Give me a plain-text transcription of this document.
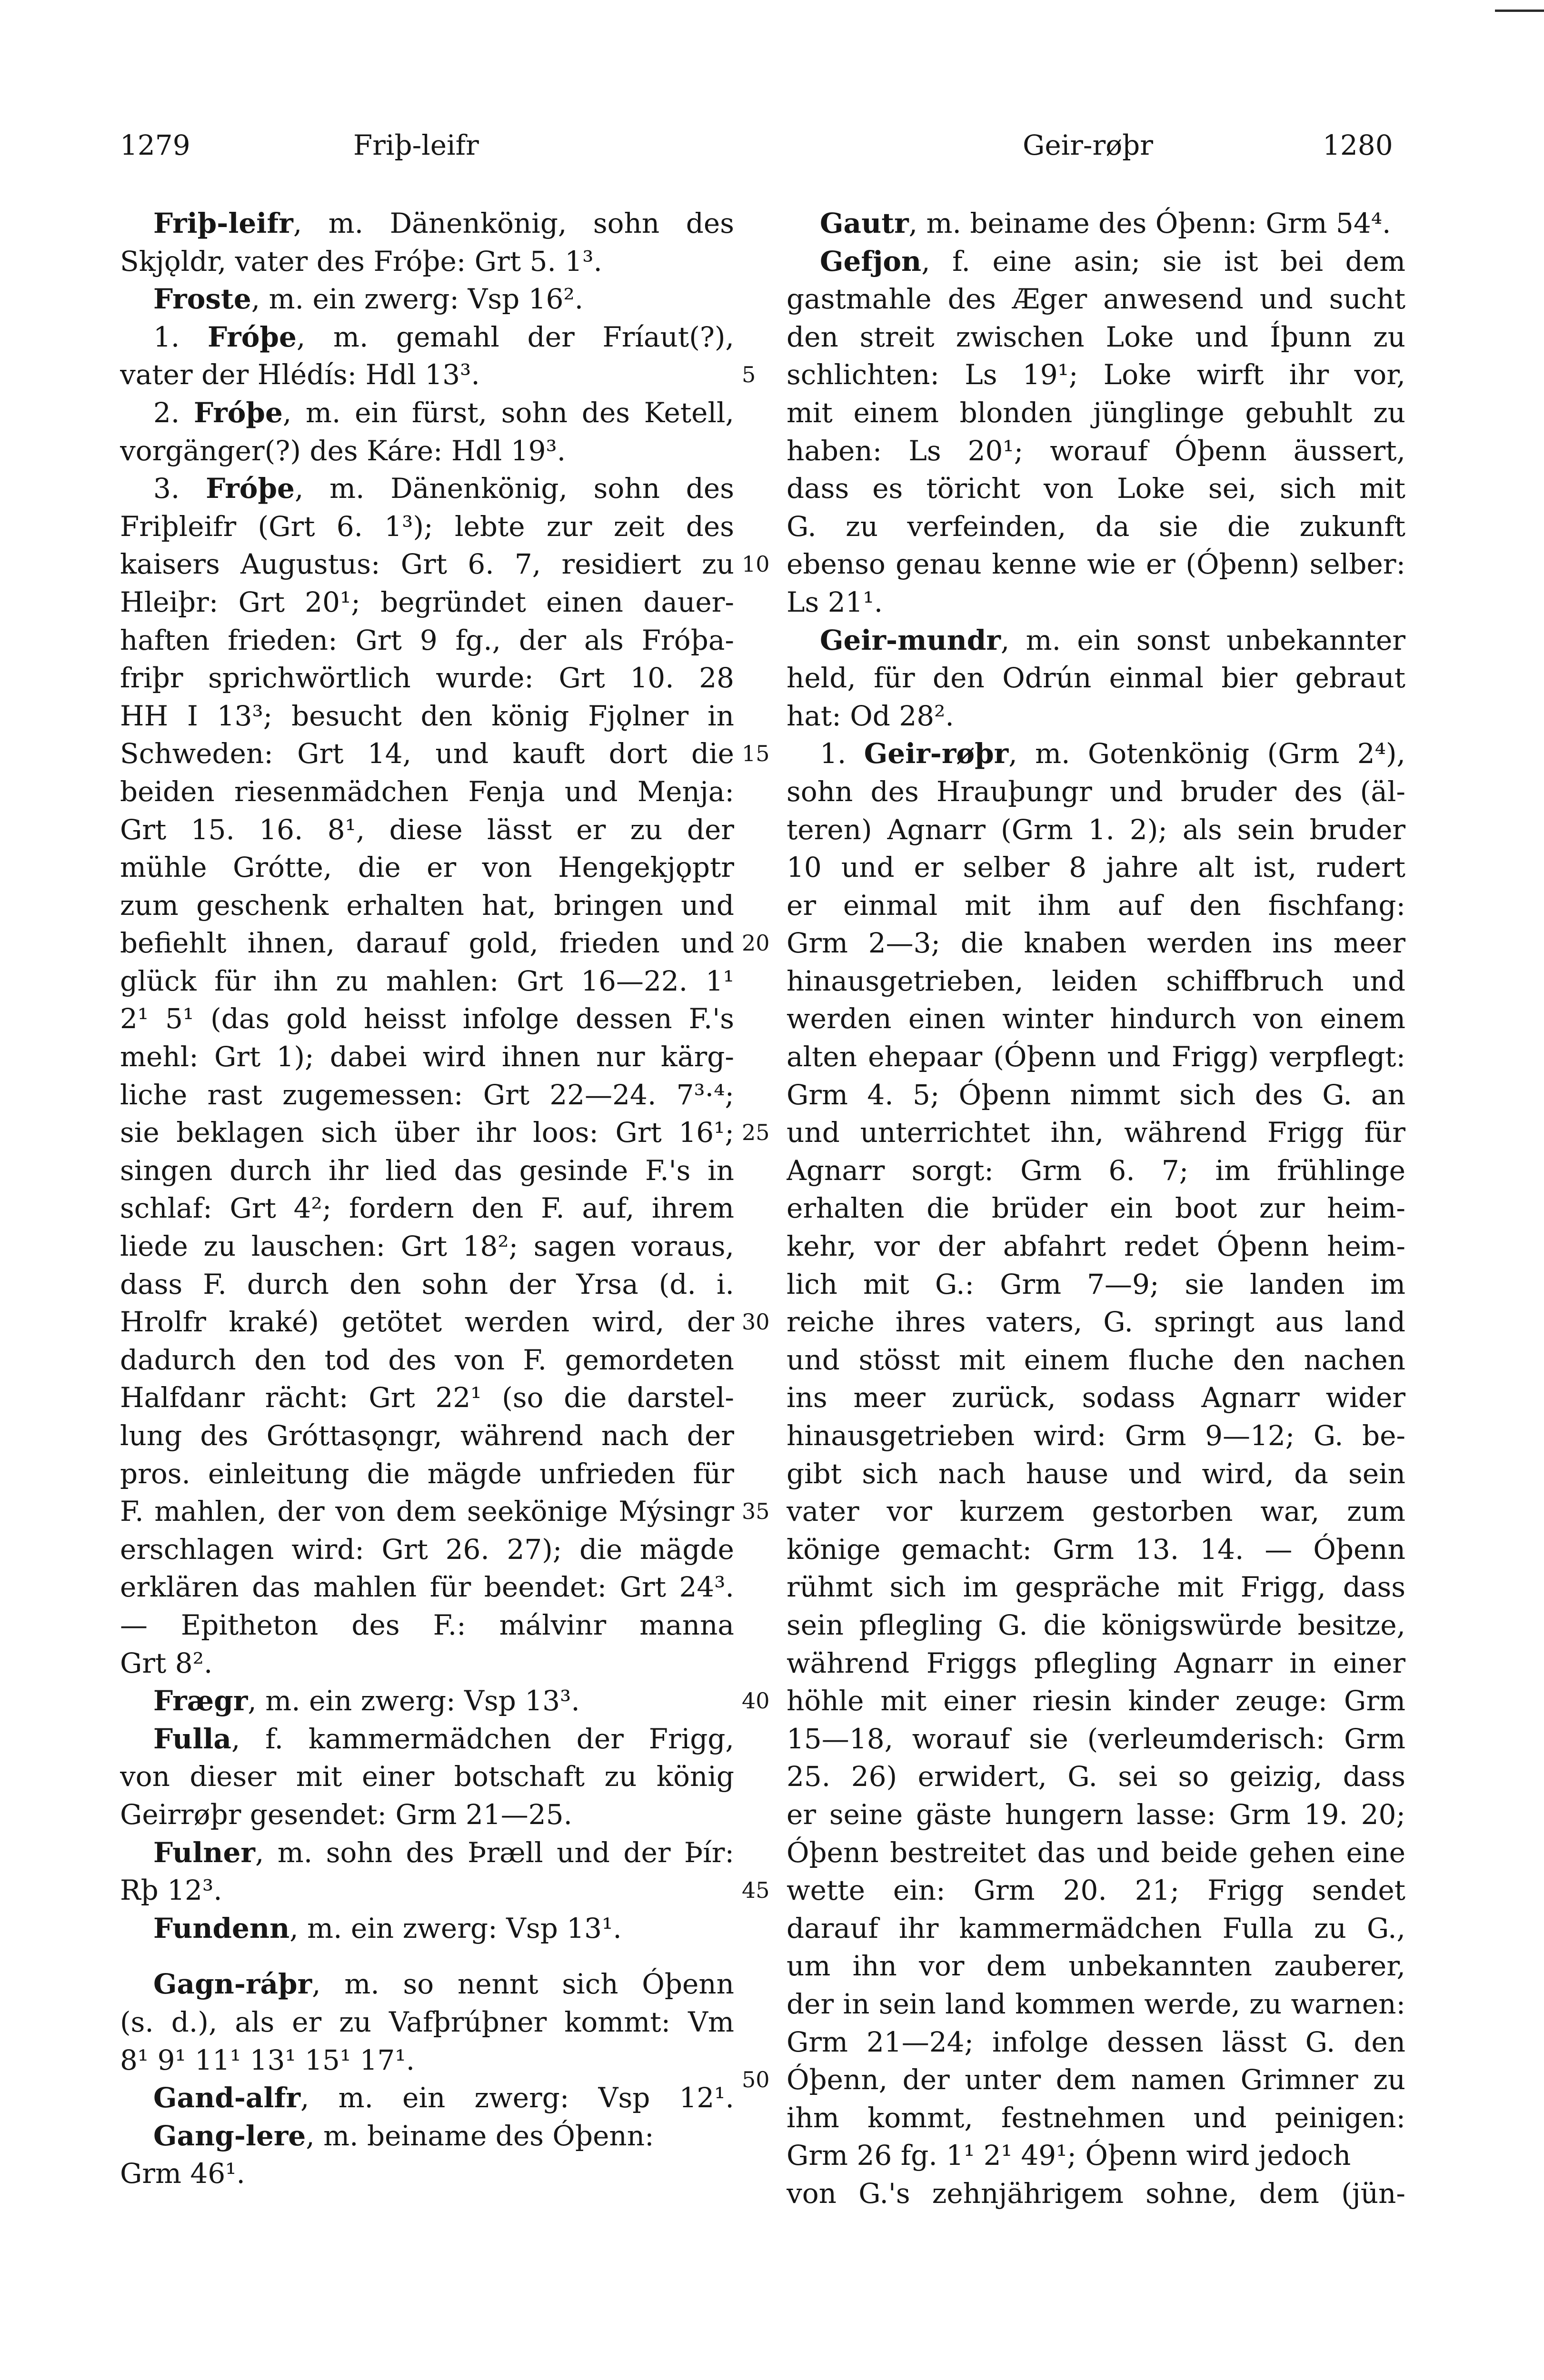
1279	Friþ-leifr	Geir-røþr	1280
Friþ-leifr, m. Dänenkönig, sohn des
Skjǫldr, vater des Fróþe: Grt 5. 1³.
Froste, m. ein zwerg: Vsp 16².
1. Fróþe, m. gemahl der Fríaut(?),
vater der Hlédís: Hdl 13³.
2. Fróþe, m. ein fürst, sohn des Ketell,
vorgänger(?) des Káre: Hdl 19³.
3. Fróþe, m. Dänenkönig, sohn des
Friþleifr (Grt 6. 1³); lebte zur zeit des
kaisers Augustus: Grt 6. 7, residiert zu
Hleiþr: Grt 20¹; begründet einen dauer-
haften frieden: Grt 9 fg., der als Fróþa-
friþr sprichwörtlich wurde: Grt 10. 28
HH I 13³; besucht den könig Fjǫlner in
Schweden: Grt 14, und kauft dort die
beiden riesenmädchen Fenja und Menja:
Grt 15. 16. 8¹, diese lässt er zu der
mühle Grótte, die er von Hengekjǫptr
zum geschenk erhalten hat, bringen und
befiehlt ihnen, darauf gold, frieden und
glück für ihn zu mahlen: Grt 16—22. 1¹
2¹ 5¹ (das gold heisst infolge dessen F.'s
mehl: Grt 1); dabei wird ihnen nur kärg-
liche rast zugemessen: Grt 22—24. 7³·⁴;
sie beklagen sich über ihr loos: Grt 16¹;
singen durch ihr lied das gesinde F.'s in
schlaf: Grt 4²; fordern den F. auf, ihrem
liede zu lauschen: Grt 18²; sagen voraus,
dass F. durch den sohn der Yrsa (d. i.
Hrolfr kraké) getötet werden wird, der
dadurch den tod des von F. gemordeten
Halfdanr rächt: Grt 22¹ (so die darstel-
lung des Gróttasǫngr, während nach der
pros. einleitung die mägde unfrieden für
F. mahlen, der von dem seekönige Mýsingr
erschlagen wird: Grt 26. 27); die mägde
erklären das mahlen für beendet: Grt 24³.
— Epitheton des F.: málvinr manna
Grt 8².
Frægr, m. ein zwerg: Vsp 13³.
Fulla, f. kammermädchen der Frigg,
von dieser mit einer botschaft zu könig
Geirrøþr gesendet: Grm 21—25.
Fulner, m. sohn des Þræll und der Þír:
Rþ 12³.
Fundenn, m. ein zwerg: Vsp 13¹.
Gagn-ráþr, m. so nennt sich Óþenn
(s. d.), als er zu Vafþrúþner kommt: Vm
8¹ 9¹ 11¹ 13¹ 15¹ 17¹.
Gand-alfr, m. ein zwerg: Vsp 12¹.
Gang-lere, m. beiname des Óþenn:
Grm 46¹.
Gautr, m. beiname des Óþenn: Grm 54⁴.
Gefjon, f. eine asin; sie ist bei dem
gastmahle des Æger anwesend und sucht
den streit zwischen Loke und Íþunn zu
schlichten: Ls 19¹; Loke wirft ihr vor,
mit einem blonden jünglinge gebuhlt zu
haben: Ls 20¹; worauf Óþenn äussert,
dass es töricht von Loke sei, sich mit
G. zu verfeinden, da sie die zukunft
ebenso genau kenne wie er (Óþenn) selber:
Ls 21¹.
Geir-mundr, m. ein sonst unbekannter
held, für den Odrún einmal bier gebraut
hat: Od 28².
1. Geir-røþr, m. Gotenkönig (Grm 2⁴),
sohn des Hrauþungr und bruder des (äl-
teren) Agnarr (Grm 1. 2); als sein bruder
10 und er selber 8 jahre alt ist, rudert
er einmal mit ihm auf den fischfang:
Grm 2—3; die knaben werden ins meer
hinausgetrieben, leiden schiffbruch und
werden einen winter hindurch von einem
alten ehepaar (Óþenn und Frigg) verpflegt:
Grm 4. 5; Óþenn nimmt sich des G. an
und unterrichtet ihn, während Frigg für
Agnarr sorgt: Grm 6. 7; im frühlinge
erhalten die brüder ein boot zur heim-
kehr, vor der abfahrt redet Óþenn heim-
lich mit G.: Grm 7—9; sie landen im
reiche ihres vaters, G. springt aus land
und stösst mit einem fluche den nachen
ins meer zurück, sodass Agnarr wider
hinausgetrieben wird: Grm 9—12; G. be-
gibt sich nach hause und wird, da sein
vater vor kurzem gestorben war, zum
könige gemacht: Grm 13. 14. — Óþenn
rühmt sich im gespräche mit Frigg, dass
sein pflegling G. die königswürde besitze,
während Friggs pflegling Agnarr in einer
höhle mit einer riesin kinder zeuge: Grm
15—18, worauf sie (verleumderisch: Grm
25. 26) erwidert, G. sei so geizig, dass
er seine gäste hungern lasse: Grm 19. 20;
Óþenn bestreitet das und beide gehen eine
wette ein: Grm 20. 21; Frigg sendet
darauf ihr kammermädchen Fulla zu G.,
um ihn vor dem unbekannten zauberer,
der in sein land kommen werde, zu warnen:
Grm 21—24; infolge dessen lässt G. den
Óþenn, der unter dem namen Grimner zu
ihm kommt, festnehmen und peinigen:
Grm 26 fg. 1¹ 2¹ 49¹; Óþenn wird jedoch
von G.'s zehnjährigem sohne, dem (jün-
5
10
15
20
25
30
35
40
45
50
